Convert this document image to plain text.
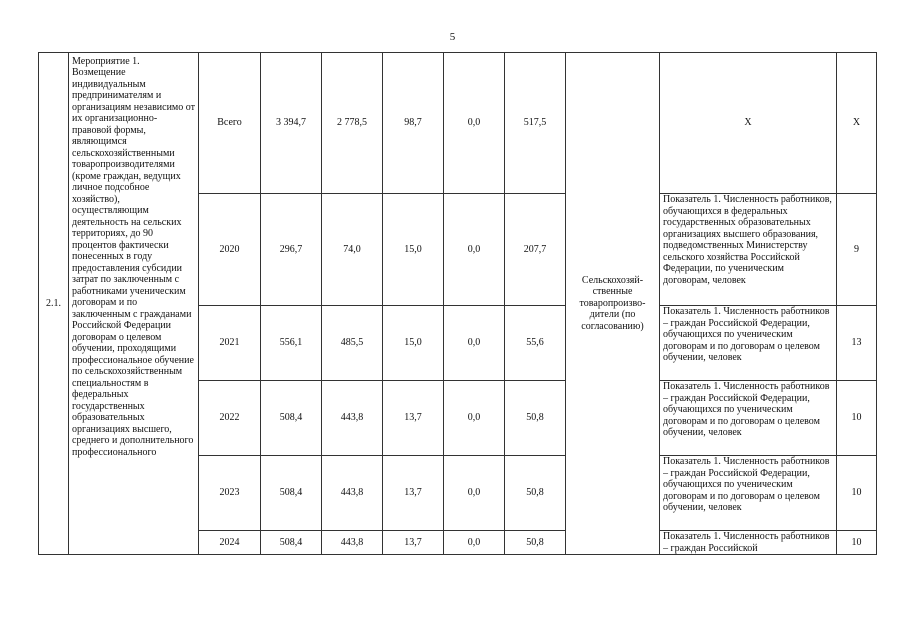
5
2.1.	Мероприятие 1. Возмещение индивидуальным предпринимателям и организациям независимо от их организационно-правовой формы, являющимся сельскохозяйственными товаропроизводителями (кроме граждан, ведущих личное подсобное хозяйство), осуществляющим деятельность на сельских территориях, до 90 процентов фактически понесенных в году предоставления субсидии затрат по заключенным с работниками ученическим договорам и по заключенным с гражданами Российской Федерации договорам о целевом обучении, проходящими профессиональное обучение по сельскохозяйственным специальностям в федеральных государственных образовательных организациях высшего, среднего и дополнительного профессионального	Всего	3 394,7	2 778,5	98,7	0,0	517,5	Сельскохозяй-ственные товаропроизво-дители (по согласованию)	Х	Х
		2020	296,7	74,0	15,0	0,0	207,7		Показатель 1. Численность работников, обучающихся в федеральных государственных образовательных организациях высшего образования, подведомственных Министерству сельского хозяйства Российской Федерации, по ученическим договорам, человек	9
		2021	556,1	485,5	15,0	0,0	55,6		Показатель 1. Численность работников – граждан Российской Федерации, обучающихся по ученическим договорам и по договорам о целевом обучении, человек	13
		2022	508,4	443,8	13,7	0,0	50,8		Показатель 1. Численность работников – граждан Российской Федерации, обучающихся по ученическим договорам и по договорам о целевом обучении, человек	10
		2023	508,4	443,8	13,7	0,0	50,8		Показатель 1. Численность работников – граждан Российской Федерации, обучающихся по ученическим договорам и по договорам о целевом обучении, человек	10
		2024	508,4	443,8	13,7	0,0	50,8		Показатель 1. Численность работников – граждан Российской	10
